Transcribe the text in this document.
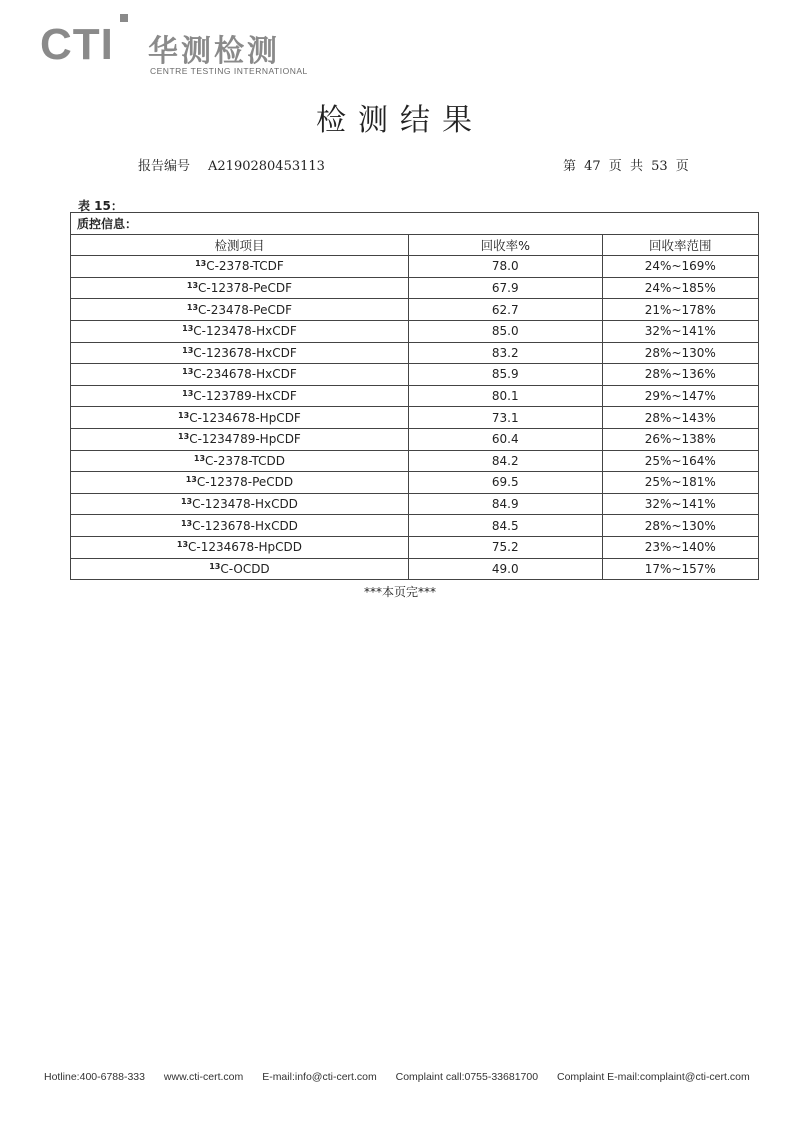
CTI 华测检测
CENTRE TESTING INTERNATIONAL
检测结果
报告编号 A2190280453113	第 47 页 共 53 页
表 15：
质控信息：		
检测项目	回收率%	回收率范围
$^{13}$C-2378-TCDF	78.0	24%~169%
$^{13}$C-12378-PeCDF	67.9	24%~185%
$^{13}$C-23478-PeCDF	62.7	21%~178%
$^{13}$C-123478-HxCDF	85.0	32%~141%
$^{13}$C-123678-HxCDF	83.2	28%~130%
$^{13}$C-234678-HxCDF	85.9	28%~136%
$^{13}$C-123789-HxCDF	80.1	29%~147%
$^{13}$C-1234678-HpCDF	73.1	28%~143%
$^{13}$C-1234789-HpCDF	60.4	26%~138%
$^{13}$C-2378-TCDD	84.2	25%~164%
$^{13}$C-12378-PeCDD	69.5	25%~181%
$^{13}$C-123478-HxCDD	84.9	32%~141%
$^{13}$C-123678-HxCDD	84.5	28%~130%
$^{13}$C-1234678-HpCDD	75.2	23%~140%
$^{13}$C-OCDD	49.0	17%~157%
***本页完***
Hotline:400-6788-333 www.cti-cert.com E-mail:info@cti-cert.com Complaint call:0755-33681700 Complaint E-mail:complaint@cti-cert.com
